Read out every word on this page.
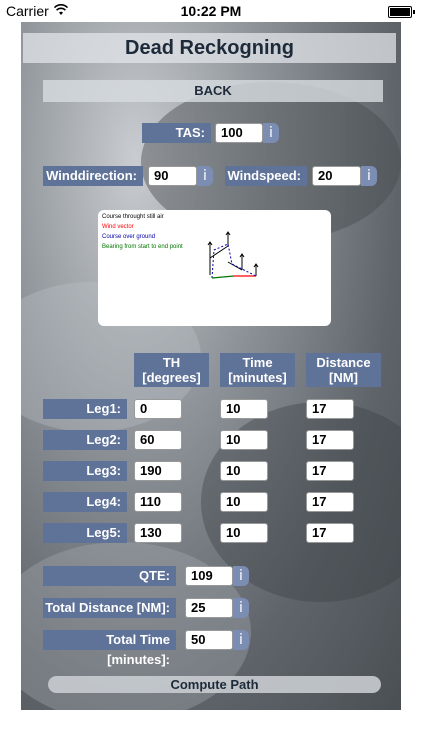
Carrier	10:22 PM
Dead Reckogning
BACK
TAS:	100	i
Winddirection:	90	i	Windspeed:	20	i
Course throught still air
Wind vector
Course over ground
Bearing from start to end point
TH
[degrees]
Time
[minutes]
Distance
[NM]
Leg1:	0	10	17
Leg2:	60	10	17
Leg3:	190	10	17
Leg4:	110	10	17
Leg5:	130	10	17
QTE:	109	i
Total Distance [NM]:	25	i
Total Time [minutes]:
50	i
Compute Path
